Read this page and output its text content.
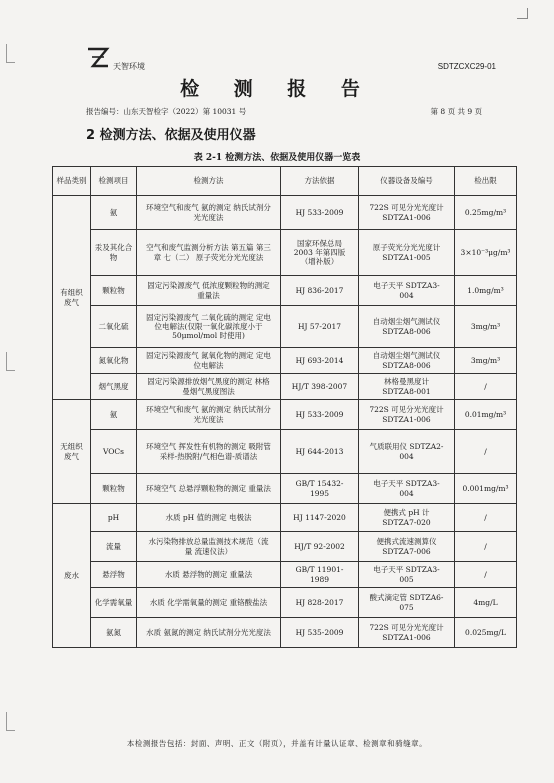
天智环境	SDTZCXC29-01
检 测 报 告
报告编号：山东天智检字（2022）第 10031 号	第 8 页 共 9 页
2 检测方法、依据及使用仪器
表 2-1 检测方法、依据及使用仪器一览表
样品类别	检测项目	检测方法	方法依据	仪器设备及编号	检出限
有组织废气	氨	环境空气和废气 氨的测定 纳氏试剂分光光度法	HJ 533-2009	722S 可见分光光度计 SDTZA1-006	0.25mg/m³
	汞及其化合物	空气和废气监测分析方法 第五篇 第三章 七（二） 原子荧光分光光度法	国家环保总局 2003 年第四版（增补版）	原子荧光分光光度计 SDTZA1-005	3×10⁻³μg/m³
	颗粒物	固定污染源废气 低浓度颗粒物的测定 重量法	HJ 836-2017	电子天平 SDTZA3-004	1.0mg/m³
	二氧化硫	固定污染源废气 二氧化硫的测定 定电位电解法(仅限一氧化碳浓度小于 50μmol/mol 时使用)	HJ 57-2017	自动烟尘烟气测试仪 SDTZA8-006	3mg/m³
	氮氧化物	固定污染源废气 氮氧化物的测定 定电位电解法	HJ 693-2014	自动烟尘烟气测试仪 SDTZA8-006	3mg/m³
	烟气黑度	固定污染源排放烟气黑度的测定 林格曼烟气黑度图法	HJ/T 398-2007	林格曼黑度计 SDTZA8-001	/
无组织废气	氨	环境空气和废气 氨的测定 纳氏试剂分光光度法	HJ 533-2009	722S 可见分光光度计 SDTZA1-006	0.01mg/m³
	VOCs	环境空气 挥发性有机物的测定 吸附管采样-热脱附/气相色谱-质谱法	HJ 644-2013	气质联用仪 SDTZA2-004	/
	颗粒物	环境空气 总悬浮颗粒物的测定 重量法	GB/T 15432-1995	电子天平 SDTZA3-004	0.001mg/m³
废水	pH	水质 pH 值的测定 电极法	HJ 1147-2020	便携式 pH 计 SDTZA7-020	/
	流量	水污染物排放总量监测技术规范（流量 流速仪法）	HJ/T 92-2002	便携式流速测算仪 SDTZA7-006	/
	悬浮物	水质 悬浮物的测定 重量法	GB/T 11901-1989	电子天平 SDTZA3-005	/
	化学需氧量	水质 化学需氧量的测定 重铬酸盐法	HJ 828-2017	酸式滴定管 SDTZA6-075	4mg/L
	氨氮	水质 氨氮的测定 纳氏试剂分光光度法	HJ 535-2009	722S 可见分光光度计 SDTZA1-006	0.025mg/L
本检测报告包括：封面、声明、正文（附页），并盖有计量认证章、检测章和骑缝章。
